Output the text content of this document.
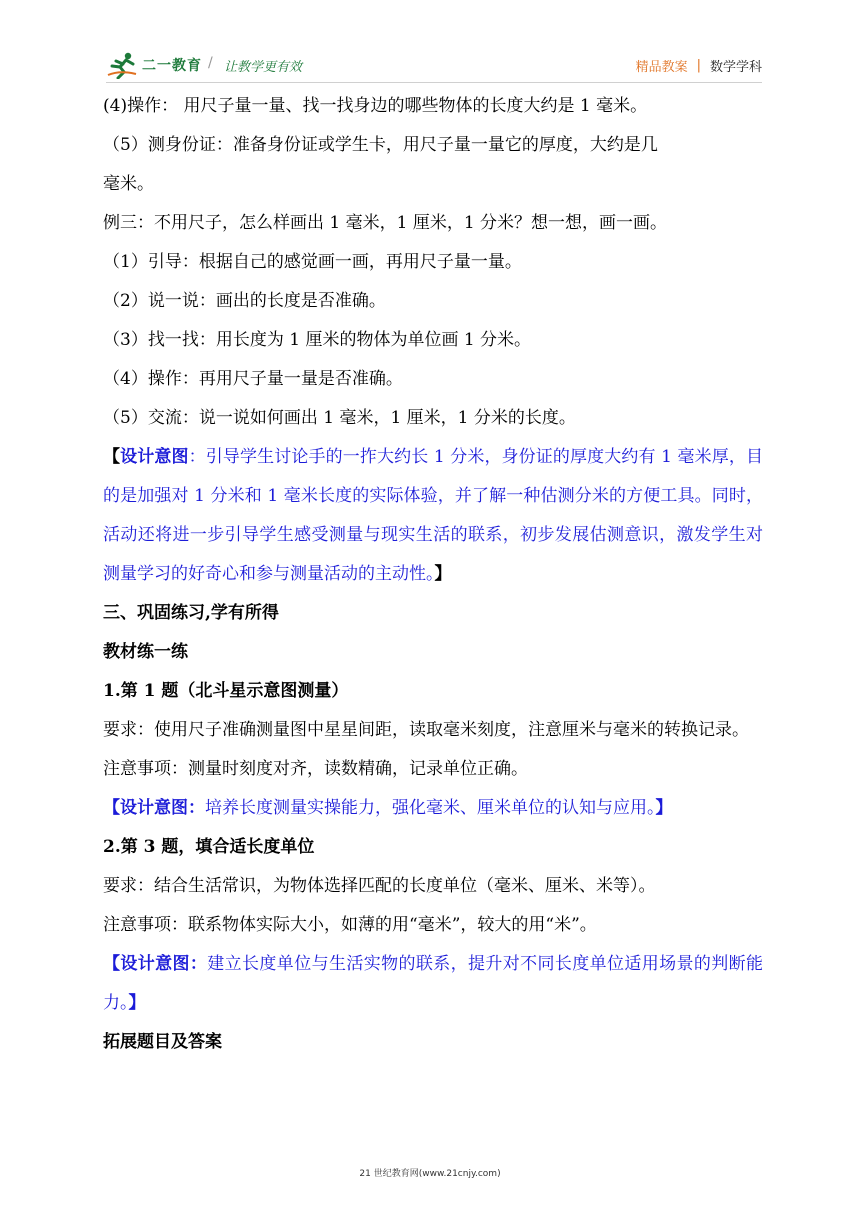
二一教育 / 让教学更有效	精品教案 | 数学学科

(4)操作： 用尺子量一量、找一找身边的哪些物体的长度大约是 1 毫米。

（5）测身份证：准备身份证或学生卡，用尺子量一量它的厚度，大约是几

毫米。

例三：不用尺子，怎么样画出 1 毫米，1 厘米，1 分米？想一想，画一画。

（1）引导：根据自己的感觉画一画，再用尺子量一量。

（2）说一说：画出的长度是否准确。

（3）找一找：用长度为 1 厘米的物体为单位画 1 分米。

（4）操作：再用尺子量一量是否准确。

（5）交流：说一说如何画出 1 毫米，1 厘米，1 分米的长度。

【设计意图：引导学生讨论手的一拃大约长 1 分米，身份证的厚度大约有 1 毫米厚，目的是加强对 1 分米和 1 毫米长度的实际体验，并了解一种估测分米的方便工具。同时，活动还将进一步引导学生感受测量与现实生活的联系，初步发展估测意识，激发学生对测量学习的好奇心和参与测量活动的主动性。】

三、巩固练习,学有所得

教材练一练

1.第 1 题（北斗星示意图测量）

要求：使用尺子准确测量图中星星间距，读取毫米刻度，注意厘米与毫米的转换记录。

注意事项：测量时刻度对齐，读数精确，记录单位正确。

【设计意图：培养长度测量实操能力，强化毫米、厘米单位的认知与应用。】

2.第 3 题，填合适长度单位

要求：结合生活常识，为物体选择匹配的长度单位（毫米、厘米、米等）。

注意事项：联系物体实际大小，如薄的用“毫米”，较大的用“米”。

【设计意图：建立长度单位与生活实物的联系，提升对不同长度单位适用场景的判断能力。】

拓展题目及答案

21 世纪教育网(www.21cnjy.com)
